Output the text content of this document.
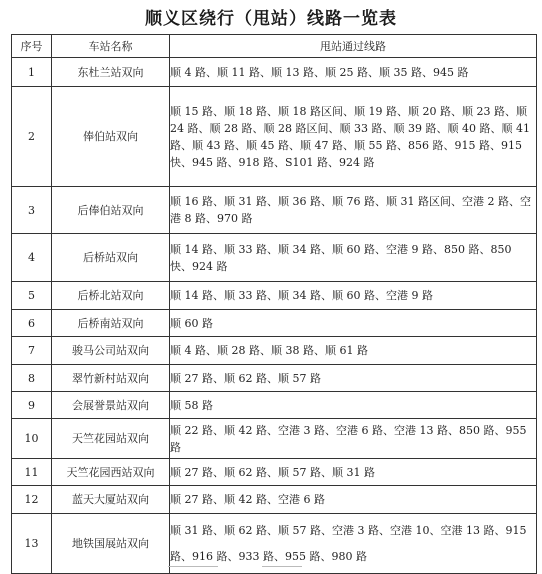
顺义区绕行（甩站）线路一览表
序号	车站名称	甩站通过线路
1	东杜兰站双向	顺 4 路、顺 11 路、顺 13 路、顺 25 路、顺 35 路、945 路
2	俸伯站双向	顺 15 路、顺 18 路、顺 18 路区间、顺 19 路、顺 20 路、顺 23 路、顺 24 路、顺 28 路、顺 28 路区间、顺 33 路、顺 39 路、顺 40 路、顺 41 路、顺 43 路、顺 45 路、顺 47 路、顺 55 路、856 路、915 路、915 快、945 路、918 路、S101 路、924 路
3	后俸伯站双向	顺 16 路、顺 31 路、顺 36 路、顺 76 路、顺 31 路区间、空港 2 路、空港 8 路、970 路
4	后桥站双向	顺 14 路、顺 33 路、顺 34 路、顺 60 路、空港 9 路、850 路、850 快、924 路
5	后桥北站双向	顺 14 路、顺 33 路、顺 34 路、顺 60 路、空港 9 路
6	后桥南站双向	顺 60 路
7	骏马公司站双向	顺 4 路、顺 28 路、顺 38 路、顺 61 路
8	翠竹新村站双向	顺 27 路、顺 62 路、顺 57 路
9	会展誉景站双向	顺 58 路
10	天竺花园站双向	顺 22 路、顺 42 路、空港 3 路、空港 6 路、空港 13 路、850 路、955 路
11	天竺花园西站双向	顺 27 路、顺 62 路、顺 57 路、顺 31 路
12	蓝天大厦站双向	顺 27 路、顺 42 路、空港 6 路
13	地铁国展站双向	顺 31 路、顺 62 路、顺 57 路、空港 3 路、空港 10、空港 13 路、915 路、916 路、933 路、955 路、980 路
